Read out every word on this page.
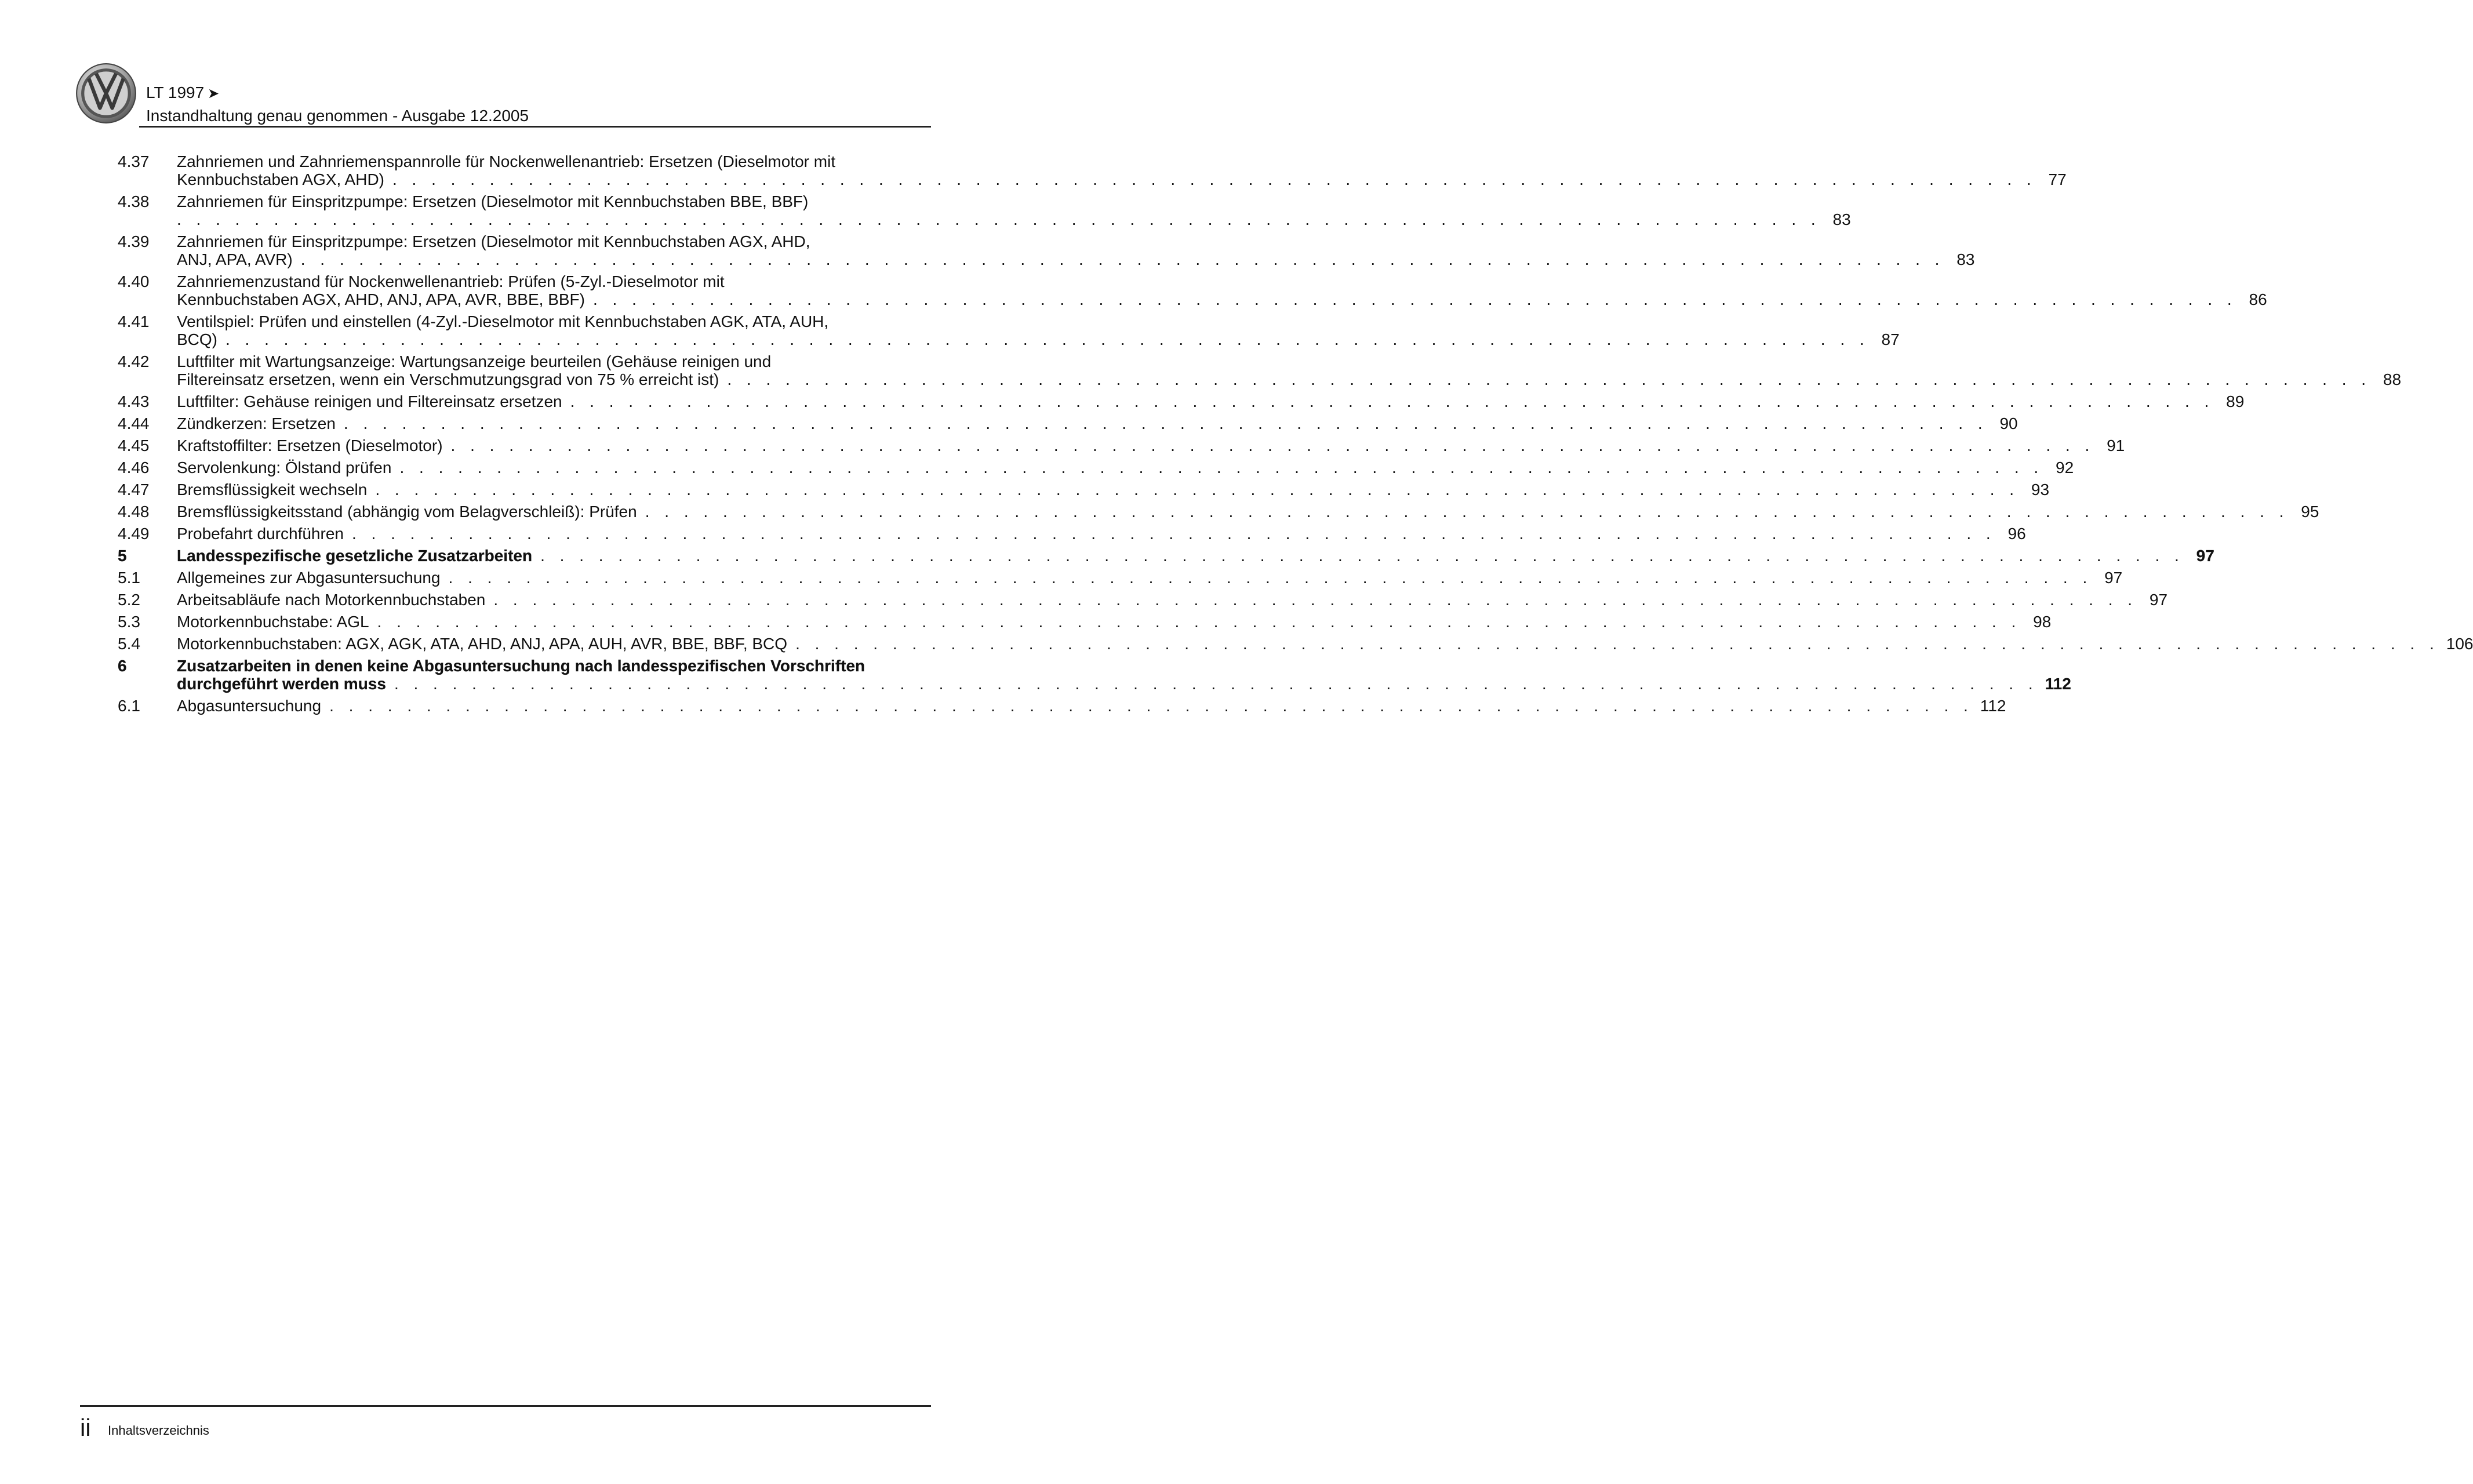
LT 1997 ➤
Instandhaltung genau genommen - Ausgabe 12.2005
4.37	Zahnriemen und Zahnriemenspannrolle für Nockenwellenantrieb: Ersetzen (Dieselmotor mit
Kennbuchstaben AGX, AHD) . . . . . . . . . . . . . . . . . . . . . . . . . . . . . . . . . . . . . . . . . . . . . . . . . . . . . . . . . . . . . . . . . . . . . . . . . . . . . . . . . . . . . 77
4.38	Zahnriemen für Einspritzpumpe: Ersetzen (Dieselmotor mit Kennbuchstaben BBE, BBF)
. . . . . . . . . . . . . . . . . . . . . . . . . . . . . . . . . . . . . . . . . . . . . . . . . . . . . . . . . . . . . . . . . . . . . . . . . . . . . . . . . . . . . 83
4.39	Zahnriemen für Einspritzpumpe: Ersetzen (Dieselmotor mit Kennbuchstaben AGX, AHD,
ANJ, APA, AVR) . . . . . . . . . . . . . . . . . . . . . . . . . . . . . . . . . . . . . . . . . . . . . . . . . . . . . . . . . . . . . . . . . . . . . . . . . . . . . . . . . . . . . 83
4.40	Zahnriemenzustand für Nockenwellenantrieb: Prüfen (5-Zyl.-Dieselmotor mit
Kennbuchstaben AGX, AHD, ANJ, APA, AVR, BBE, BBF) . . . . . . . . . . . . . . . . . . . . . . . . . . . . . . . . . . . . . . . . . . . . . . . . . . . . . . . . . . . . . . . . . . . . . . . . . . . . . . . . . . . . . 86
4.41	Ventilspiel: Prüfen und einstellen (4-Zyl.-Dieselmotor mit Kennbuchstaben AGK, ATA, AUH,
BCQ) . . . . . . . . . . . . . . . . . . . . . . . . . . . . . . . . . . . . . . . . . . . . . . . . . . . . . . . . . . . . . . . . . . . . . . . . . . . . . . . . . . . . . 87
4.42	Luftfilter mit Wartungsanzeige: Wartungsanzeige beurteilen (Gehäuse reinigen und
Filtereinsatz ersetzen, wenn ein Verschmutzungsgrad von 75 % erreicht ist) . . . . . . . . . . . . . . . . . . . . . . . . . . . . . . . . . . . . . . . . . . . . . . . . . . . . . . . . . . . . . . . . . . . . . . . . . . . . . . . . . . . . . 88
4.43	Luftfilter: Gehäuse reinigen und Filtereinsatz ersetzen . . . . . . . . . . . . . . . . . . . . . . . . . . . . . . . . . . . . . . . . . . . . . . . . . . . . . . . . . . . . . . . . . . . . . . . . . . . . . . . . . . . . . 89
4.44	Zündkerzen: Ersetzen . . . . . . . . . . . . . . . . . . . . . . . . . . . . . . . . . . . . . . . . . . . . . . . . . . . . . . . . . . . . . . . . . . . . . . . . . . . . . . . . . . . . . 90
4.45	Kraftstoffilter: Ersetzen (Dieselmotor) . . . . . . . . . . . . . . . . . . . . . . . . . . . . . . . . . . . . . . . . . . . . . . . . . . . . . . . . . . . . . . . . . . . . . . . . . . . . . . . . . . . . . 91
4.46	Servolenkung: Ölstand prüfen . . . . . . . . . . . . . . . . . . . . . . . . . . . . . . . . . . . . . . . . . . . . . . . . . . . . . . . . . . . . . . . . . . . . . . . . . . . . . . . . . . . . . 92
4.47	Bremsflüssigkeit wechseln . . . . . . . . . . . . . . . . . . . . . . . . . . . . . . . . . . . . . . . . . . . . . . . . . . . . . . . . . . . . . . . . . . . . . . . . . . . . . . . . . . . . . 93
4.48	Bremsflüssigkeitsstand (abhängig vom Belagverschleiß): Prüfen . . . . . . . . . . . . . . . . . . . . . . . . . . . . . . . . . . . . . . . . . . . . . . . . . . . . . . . . . . . . . . . . . . . . . . . . . . . . . . . . . . . . . 95
4.49	Probefahrt durchführen . . . . . . . . . . . . . . . . . . . . . . . . . . . . . . . . . . . . . . . . . . . . . . . . . . . . . . . . . . . . . . . . . . . . . . . . . . . . . . . . . . . . . 96
5	Landesspezifische gesetzliche Zusatzarbeiten . . . . . . . . . . . . . . . . . . . . . . . . . . . . . . . . . . . . . . . . . . . . . . . . . . . . . . . . . . . . . . . . . . . . . . . . . . . . . . . . . . . . . 97
5.1	Allgemeines zur Abgasuntersuchung . . . . . . . . . . . . . . . . . . . . . . . . . . . . . . . . . . . . . . . . . . . . . . . . . . . . . . . . . . . . . . . . . . . . . . . . . . . . . . . . . . . . . 97
5.2	Arbeitsabläufe nach Motorkennbuchstaben . . . . . . . . . . . . . . . . . . . . . . . . . . . . . . . . . . . . . . . . . . . . . . . . . . . . . . . . . . . . . . . . . . . . . . . . . . . . . . . . . . . . . 97
5.3	Motorkennbuchstabe: AGL . . . . . . . . . . . . . . . . . . . . . . . . . . . . . . . . . . . . . . . . . . . . . . . . . . . . . . . . . . . . . . . . . . . . . . . . . . . . . . . . . . . . . 98
5.4	Motorkennbuchstaben: AGX, AGK, ATA, AHD, ANJ, APA, AUH, AVR, BBE, BBF, BCQ . . . . . . . . . . . . . . . . . . . . . . . . . . . . . . . . . . . . . . . . . . . . . . . . . . . . . . . . . . . . . . . . . . . . . . . . . . . . . . . . . . . . . 106
6	Zusatzarbeiten in denen keine Abgasuntersuchung nach landesspezifischen Vorschriften
durchgeführt werden muss . . . . . . . . . . . . . . . . . . . . . . . . . . . . . . . . . . . . . . . . . . . . . . . . . . . . . . . . . . . . . . . . . . . . . . . . . . . . . . . . . . . . . 112
6.1	Abgasuntersuchung . . . . . . . . . . . . . . . . . . . . . . . . . . . . . . . . . . . . . . . . . . . . . . . . . . . . . . . . . . . . . . . . . . . . . . . . . . . . . . . . . . . . . 112
ii Inhaltsverzeichnis
